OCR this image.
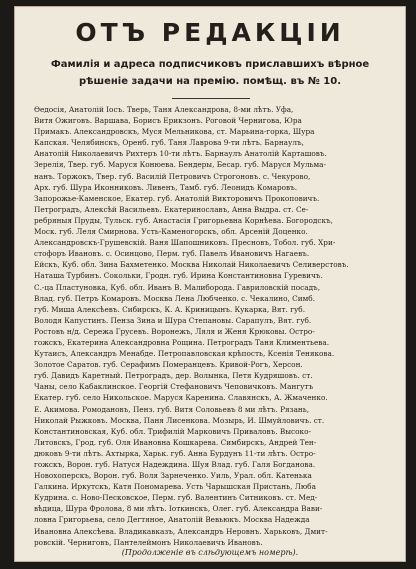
ОТЪ РЕДАКЦІИ
Фамилія и адреса подписчиковъ приславшихъ вѣрное рѣшеніе задачи на премію. помѣщ. въ № 10.
Ѳедосія, Анатолій Іосъ. Тверь, Таня Александрова, 8-ми лѣтъ. Уфа,
Витя Ожиговъ. Варшава, Борисъ Ерикзонъ. Роговой Чернигова, Юра
Примакъ. Александровскъ, Муся Мельникова, ст. Марьина-горка, Шура
Капская. Челябинскъ, Оренб. губ. Таня Лаврова 9-ти лѣтъ. Барнаулъ,
Анатолій Николаевичъ Рихтеръ 10-ти лѣтъ. Барнаулъ Анатолій Карташовъ.
Зерелія, Твер. губ. Маруся Конюева. Бендеры, Бесар. губ. Маруся Мульма-
нанъ. Торжокъ, Твер. губ. Василій Петровичъ Строгоновъ. с. Чекурово,
Арх. губ. Шура Иконниковъ. Ливенъ, Тамб. губ. Леонидъ Комаровъ.
Запорожье-Каменское, Екатер. губ. Анатолій Викторовичъ Прокоповичъ.
Петроградъ, Алексѣй Васильевъ. Екатеринославъ, Анна Выдра. ст. Се-
ребряныя Пруды, Тульск. губ. Анастасія Григорьевна Корнѣева. Богородскъ,
Моск. губ. Леля Смирнова. Усть-Каменогорскъ, обл. Арсеній Доценко.
Александровскъ-Грушевскій. Ваня Шапошниковъ. Пресновъ, Тобол. губ. Хри-
стофоръ Ивановъ. с. Осинцово, Перм. губ. Павелъ Ивановичъ Нагаевъ.
Ейскъ, Куб. обл. Зина Бахметенко. Москва Николай Николаевичъ Селиверстовъ.
Наташа Турбинъ. Сокольки, Гродн. губ. Ирина Константиновна Гуревичъ.
С.-ца Пластуновка, Куб. обл. Иванъ В. Малиборода. Гавриловскій посадъ,
Влад. губ. Петръ Комаровъ. Москва Лена Любченко. с. Чекалино, Симб.
губ. Миша Алексѣевъ. Сибирскъ, К. А. Криницынъ. Кукарка, Вят. губ.
Володя Капустинъ. Пенза Зина и Шура Степановы. Сарапулъ, Вят. губ.
Ростовъ н/д. Сережа Грусевъ. Воронежъ, Ляля и Женя Крюковы. Остро-
гожскъ, Екатерина Александровна Рощина. Петроградъ Таня Климентьева.
Кутаисъ, Александръ Менабде. Петропавловская крѣпость, Ксенія Тенякова.
Золотое Саратов. губ. Серафимъ Померанцевъ. Кривой-Рогъ, Херсон.
губ. Давидъ Каретный. Петроградъ, дер. Волынка, Петя Кудряшовъ. ст.
Чаны, село Кабаклинское. Георгій Стефановичъ Чеповичковъ. Мангутъ
Екатер. губ. село Никольское. Маруся Каренина. Славянскъ, А. Жмаченко.
Е. Акимова. Ромодановъ, Пенз. губ. Витя Соловьевъ 8 ми лѣтъ. Рязань,
Николай Рыжковъ. Москва, Паня Лисенкова. Мозырь, И. Шмуйловичъ. ст.
Константиновская, Куб. обл. Трифилій Марковичъ Приваловъ. Высоко-
Литовскъ, Грод. губ. Оля Ивановна Кошкарева. Симбирскъ, Андрей Тен-
дюковъ 9-ти лѣтъ. Ахтырка, Харьк. губ. Анна Бурдунъ 11-ти лѣтъ. Остро-
гожскъ, Ворон. губ. Натуся Надеждина. Шуя Влад. губ. Галя Богданова.
Новохоперскъ, Ворон. губ. Воля Зарнеченко. Уиль, Урал. обл. Катенька
Галкина. Иркутскъ, Катя Пономарева. Усть Чарышская Пристань, Люба
Кудрина. с. Ново-Песковское, Перм. губ. Валентинъ Ситниковъ. ст. Мед-
вѣдица, Шура Фролова, 8 ми лѣтъ. Іоткинскъ, Олег. губ. Александра Вави-
ловна Григорьева, село Дегтяное, Анатолій Вевьюкъ. Москва Надежда
Ивановна Алексѣева. Владикавказъ, Александръ Неровнъ. Харьковъ, Дмит-
ровскій. Черниговъ, Пантелеймонъ Николаевичъ Ивановъ.
(Продолженіе въ слѣдующемъ номерѣ).
